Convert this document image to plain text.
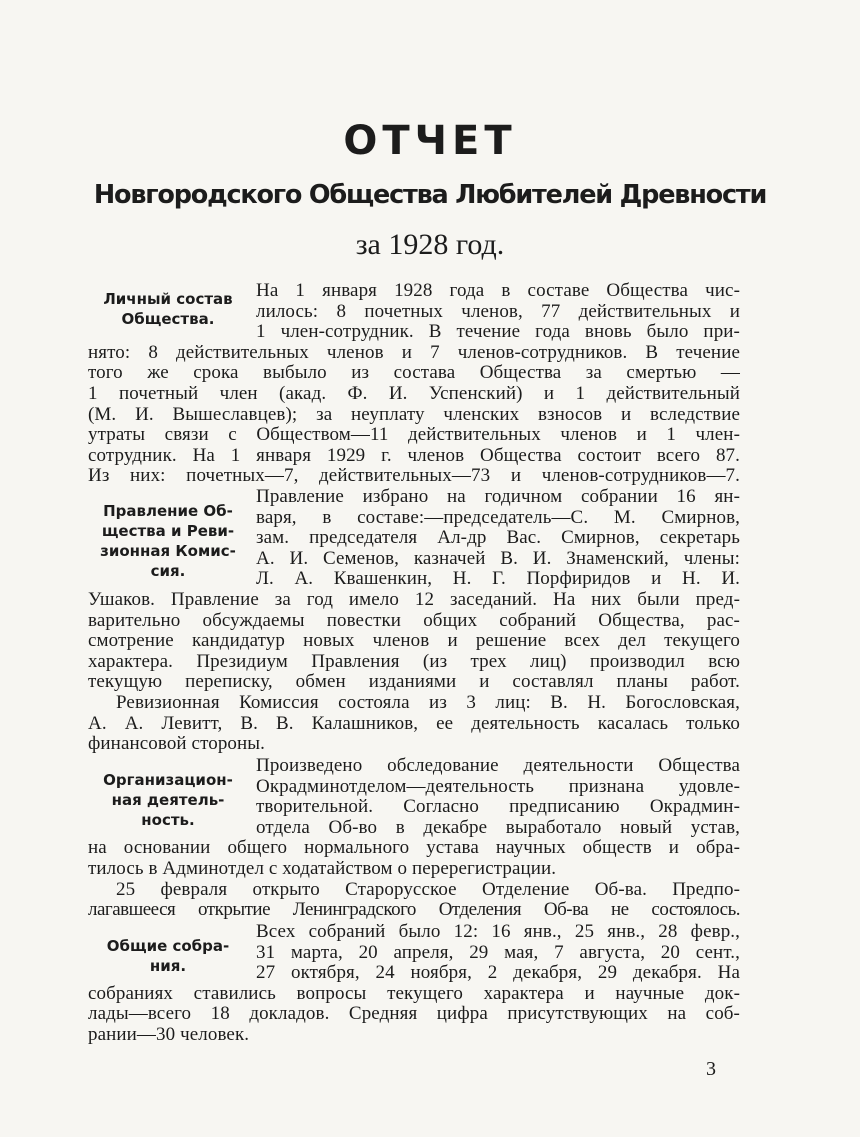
ОТЧЕТ
Новгородского Общества Любителей Древности
за 1928 год.
Личный состав
Общества.
На 1 января 1928 года в составе Общества чис-
лилось: 8 почетных членов, 77 действительных и
1 член-сотрудник. В течение года вновь было при-
нято: 8 действительных членов и 7 членов-сотрудников. В течение
того же срока выбыло из состава Общества за смертью —
1 почетный член (акад. Ф. И. Успенский) и 1 действительный
(М. И. Вышеславцев); за неуплату членских взносов и вследствие
утраты связи с Обществом—11 действительных членов и 1 член-
сотрудник. На 1 января 1929 г. членов Общества состоит всего 87.
Из них: почетных—7, действительных—73 и членов-сотрудников—7.
Правление Об-
щества и Реви-
зионная Комис-
сия.
Правление избрано на годичном собрании 16 ян-
варя, в составе:—председатель—С. М. Смирнов,
зам. председателя Ал-др Вас. Смирнов, секретарь
А. И. Семенов, казначей В. И. Знаменский, члены:
Л. А. Квашенкин, Н. Г. Порфиридов и Н. И.
Ушаков. Правление за год имело 12 заседаний. На них были пред-
варительно обсуждаемы повестки общих собраний Общества, рас-
смотрение кандидатур новых членов и решение всех дел текущего
характера. Президиум Правления (из трех лиц) производил всю
текущую переписку, обмен изданиями и составлял планы работ.
Ревизионная Комиссия состояла из 3 лиц: В. Н. Богословская,
А. А. Левитт, В. В. Калашников, ее деятельность касалась только
финансовой стороны.
Организацион-
ная деятель-
ность.
Произведено обследование деятельности Общества
Окрадминотделом—деятельность признана удовле-
творительной. Согласно предписанию Окрадмин-
отдела Об-во в декабре выработало новый устав,
на основании общего нормального устава научных обществ и обра-
тилось в Админотдел с ходатайством о перерегистрации.
25 февраля открыто Старорусское Отделение Об-ва. Предпо-
лагавшееся открытие Ленинградского Отделения Об-ва не состоялось.
Общие собра-
ния.
Всех собраний было 12: 16 янв., 25 янв., 28 февр.,
31 марта, 20 апреля, 29 мая, 7 августа, 20 сент.,
27 октября, 24 ноября, 2 декабря, 29 декабря. На
собраниях ставились вопросы текущего характера и научные док-
лады—всего 18 докладов. Средняя цифра присутствующих на соб-
рании—30 человек.
3
